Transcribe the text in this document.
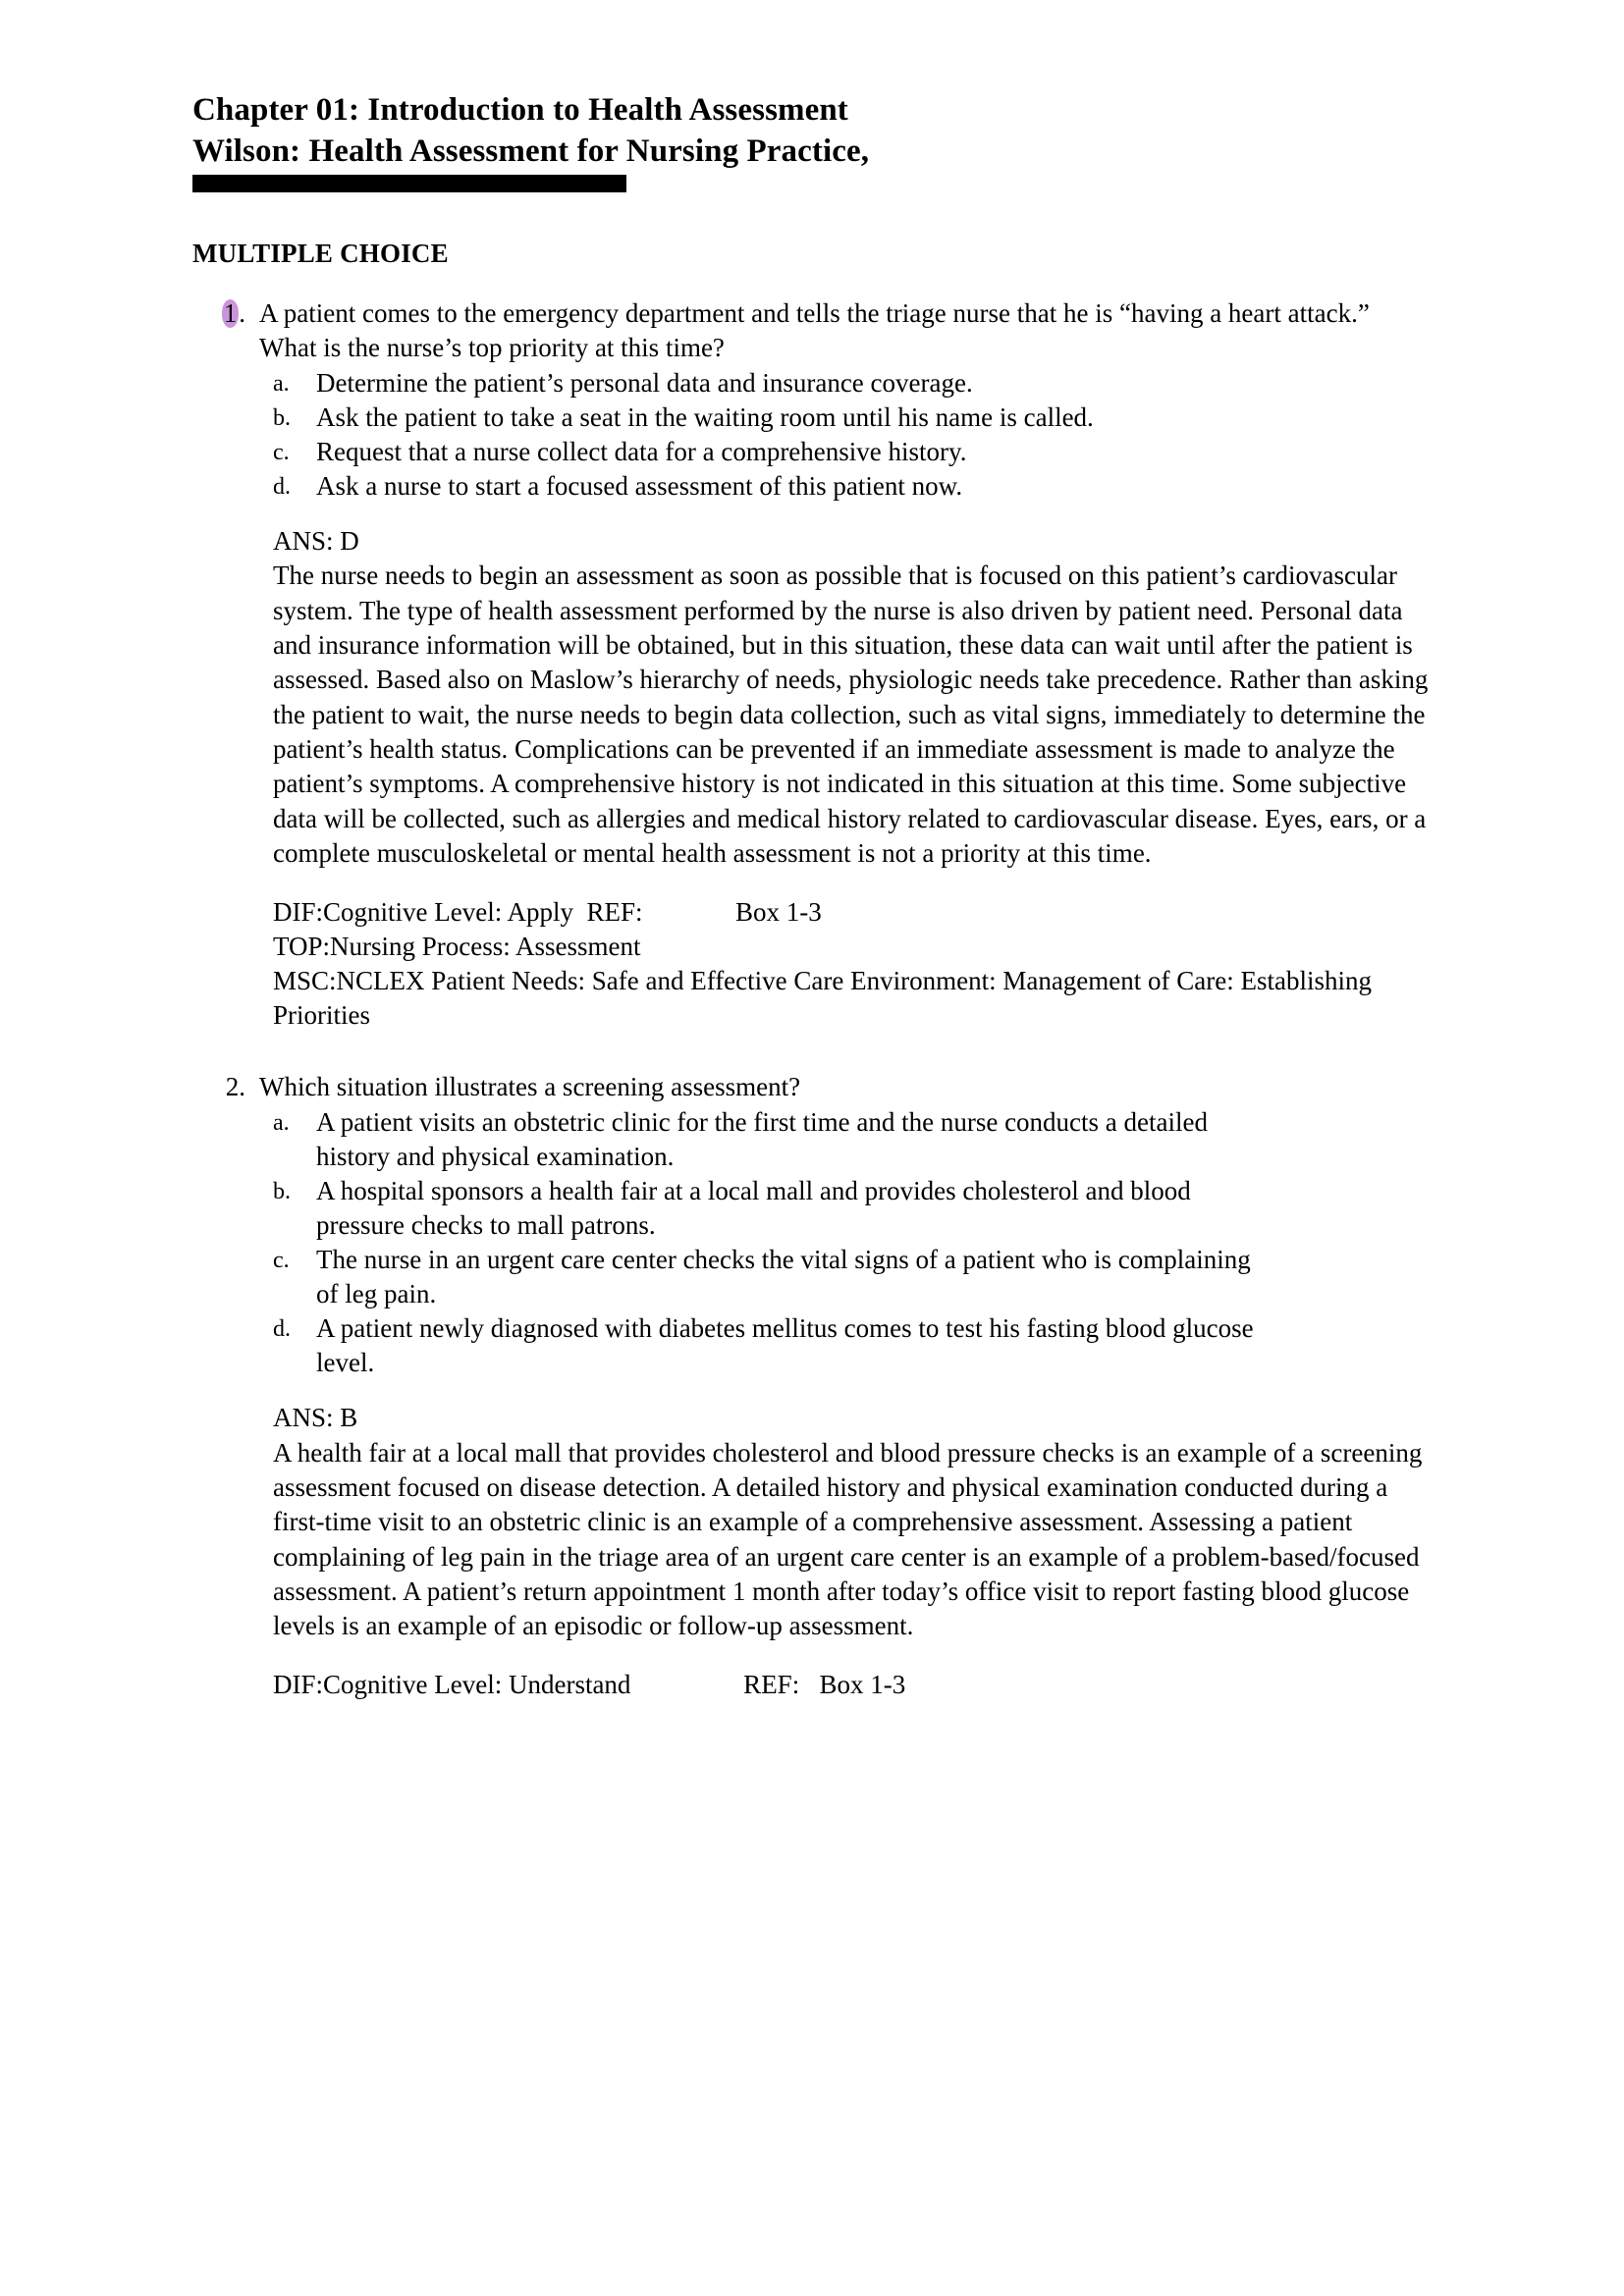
Chapter 01: Introduction to Health Assessment
Wilson: Health Assessment for Nursing Practice,
MULTIPLE CHOICE
1. A patient comes to the emergency department and tells the triage nurse that he is “having a heart attack.” What is the nurse’s top priority at this time?
a.	Determine the patient’s personal data and insurance coverage.
b. Ask the patient to take a seat in the waiting room until his name is called.
c.	Request that a nurse collect data for a comprehensive history.
d. Ask a nurse to start a focused assessment of this patient now.
ANS: D
The nurse needs to begin an assessment as soon as possible that is focused on this patient’s cardiovascular system. The type of health assessment performed by the nurse is also driven by patient need. Personal data and insurance information will be obtained, but in this situation, these data can wait until after the patient is assessed. Based also on Maslow’s hierarchy of needs, physiologic needs take precedence. Rather than asking the patient to wait, the nurse needs to begin data collection, such as vital signs, immediately to determine the patient’s health status. Complications can be prevented if an immediate assessment is made to analyze the patient’s symptoms. A comprehensive history is not indicated in this situation at this time. Some subjective data will be collected, such as allergies and medical history related to cardiovascular disease. Eyes, ears, or a complete musculoskeletal or mental health assessment is not a priority at this time.
DIF:Cognitive Level: Apply  REF:              Box 1-3
TOP:Nursing Process: Assessment
MSC:NCLEX Patient Needs: Safe and Effective Care Environment: Management of Care: Establishing Priorities
2. Which situation illustrates a screening assessment?
a.	A patient visits an obstetric clinic for the first time and the nurse conducts a detailed history and physical examination.
b. A hospital sponsors a health fair at a local mall and provides cholesterol and blood pressure checks to mall patrons.
c.	The nurse in an urgent care center checks the vital signs of a patient who is complaining of leg pain.
d. A patient newly diagnosed with diabetes mellitus comes to test his fasting blood glucose level.
ANS: B
A health fair at a local mall that provides cholesterol and blood pressure checks is an example of a screening assessment focused on disease detection. A detailed history and physical examination conducted during a first-time visit to an obstetric clinic is an example of a comprehensive assessment. Assessing a patient complaining of leg pain in the triage area of an urgent care center is an example of a problem-based/focused assessment. A patient’s return appointment 1 month after today’s office visit to report fasting blood glucose levels is an example of an episodic or follow-up assessment.
DIF:Cognitive Level: Understand                 REF:   Box 1-3
